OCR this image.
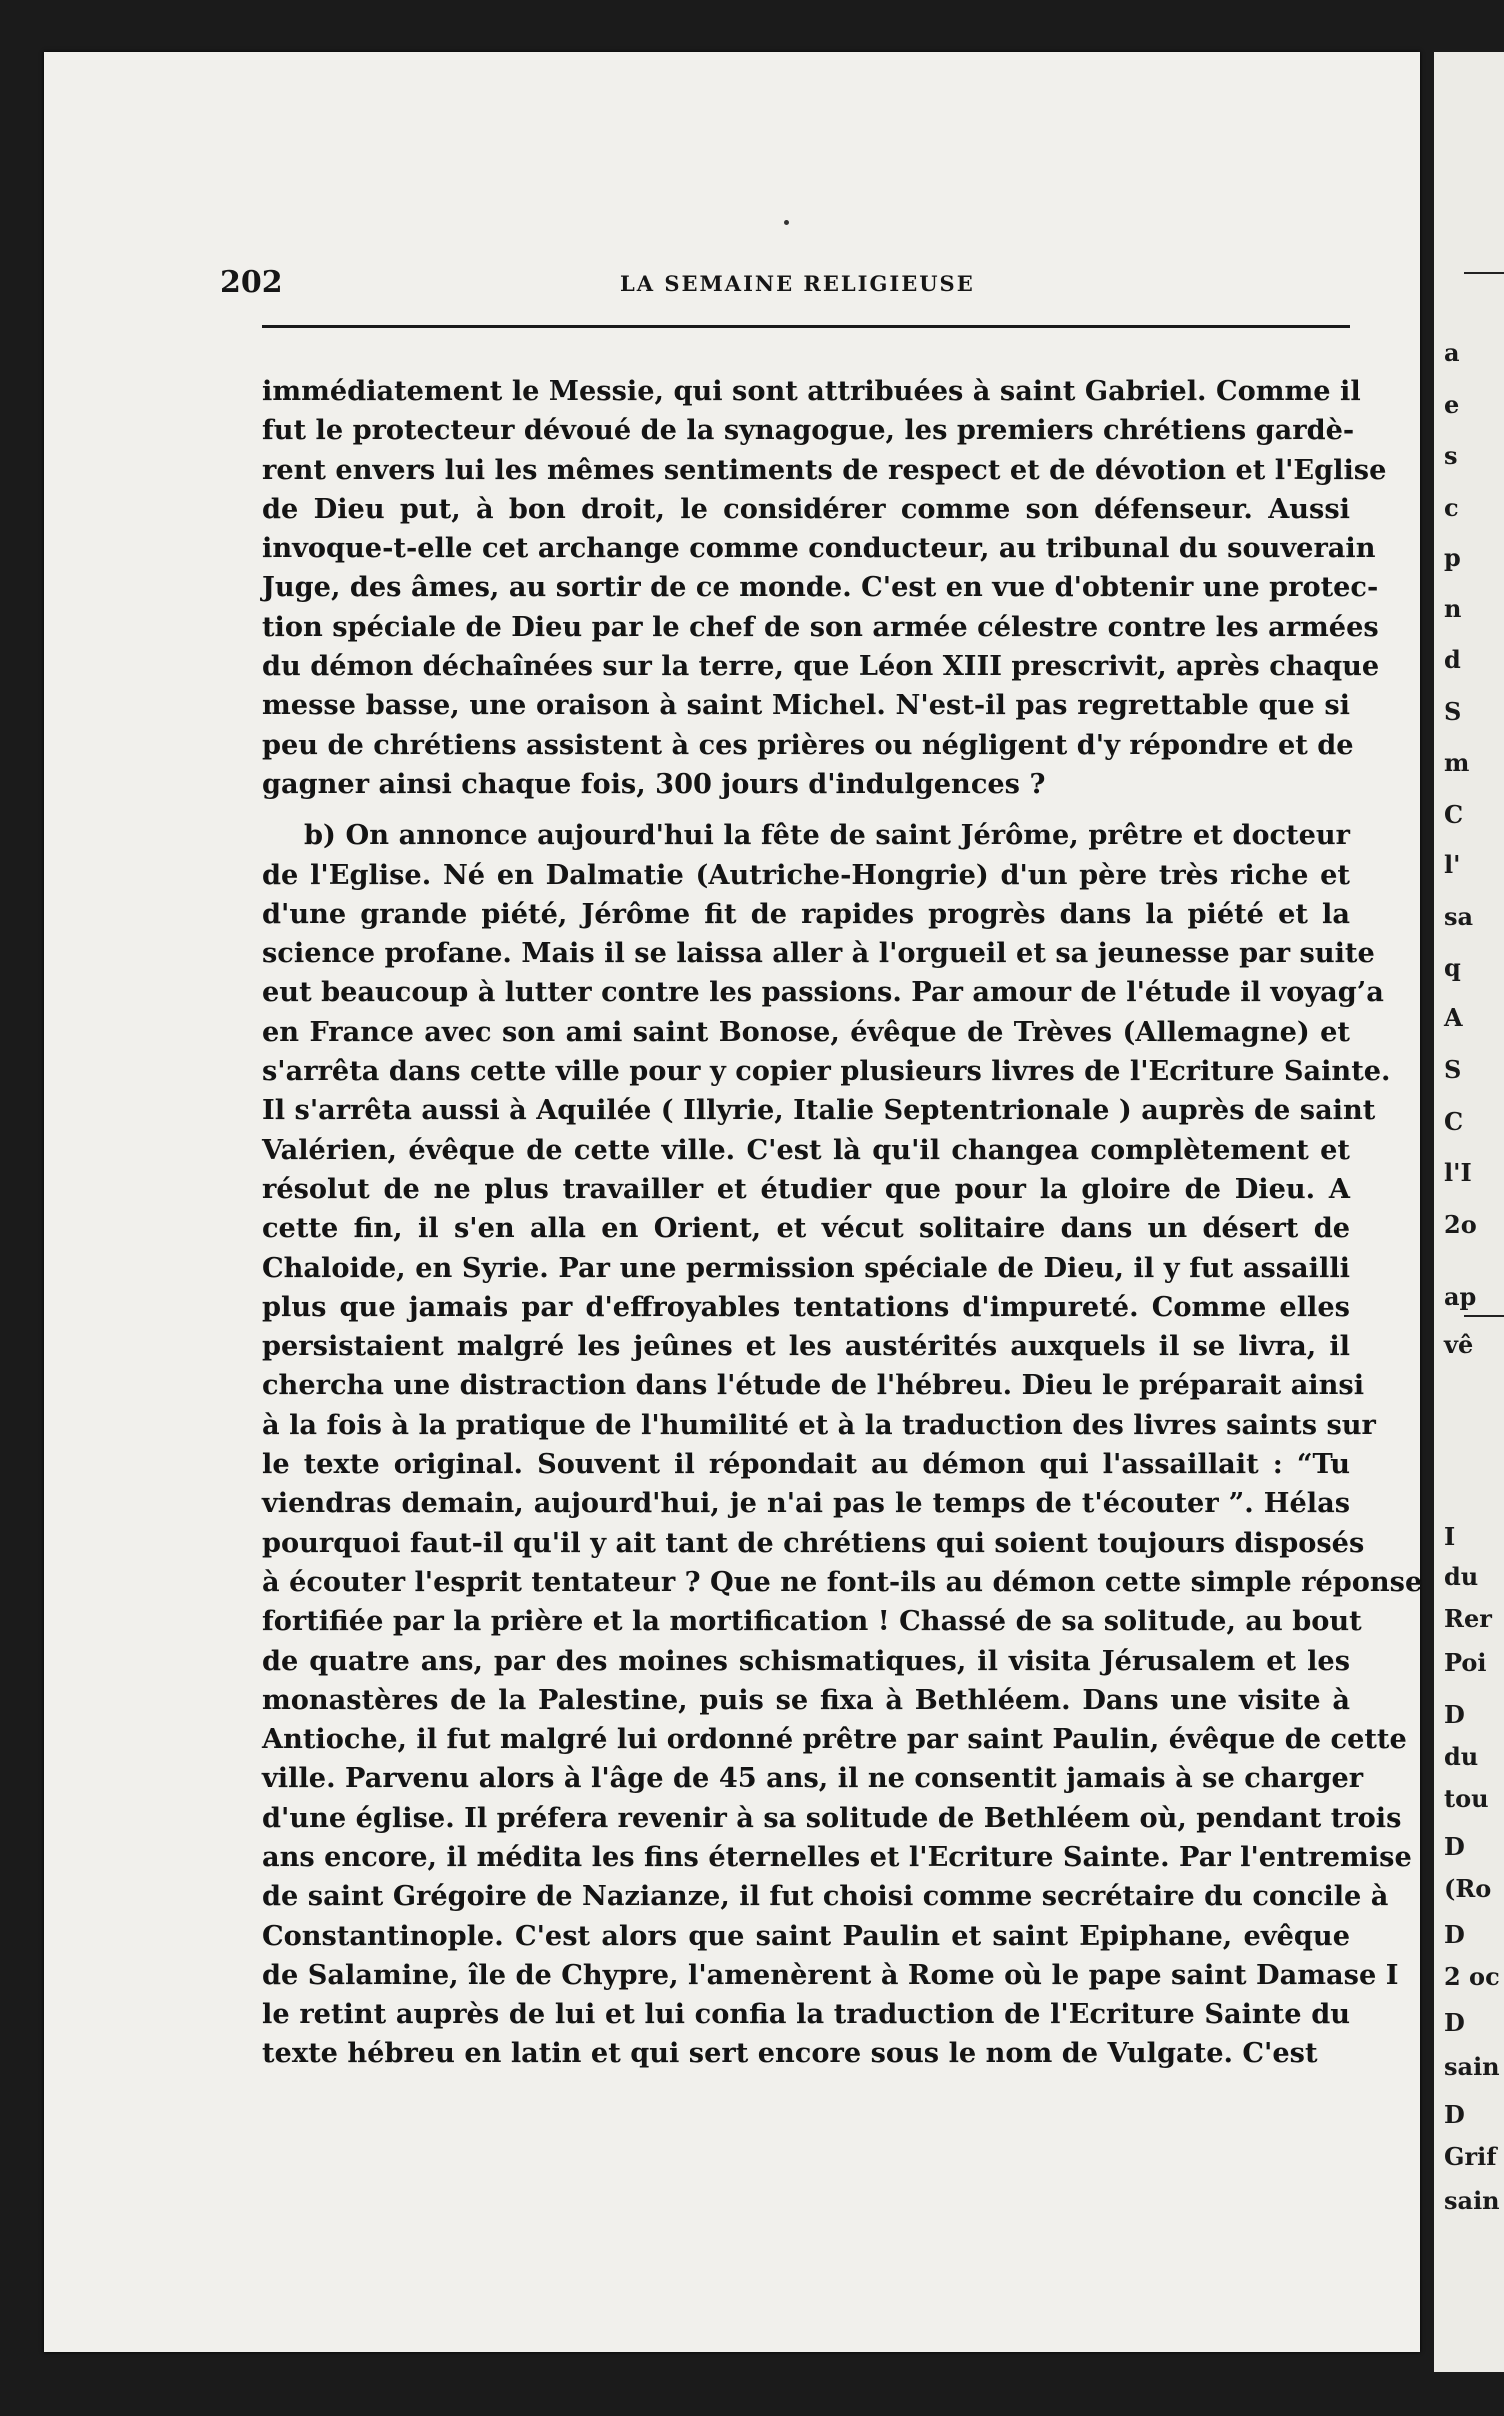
202	LA SEMAINE RELIGIEUSE
immédiatement le Messie, qui sont attribuées à saint Gabriel. Comme il
fut le protecteur dévoué de la synagogue, les premiers chrétiens gardè-
rent envers lui les mêmes sentiments de respect et de dévotion et l'Eglise
de Dieu put, à bon droit, le considérer comme son défenseur. Aussi
invoque-t-elle cet archange comme conducteur, au tribunal du souverain
Juge, des âmes, au sortir de ce monde. C'est en vue d'obtenir une protec-
tion spéciale de Dieu par le chef de son armée célestre contre les armées
du démon déchaînées sur la terre, que Léon XIII prescrivit, après chaque
messe basse, une oraison à saint Michel. N'est-il pas regrettable que si
peu de chrétiens assistent à ces prières ou négligent d'y répondre et de
gagner ainsi chaque fois, 300 jours d'indulgences ?
b) On annonce aujourd'hui la fête de saint Jérôme, prêtre et docteur
de l'Eglise. Né en Dalmatie (Autriche-Hongrie) d'un père très riche et
d'une grande piété, Jérôme fit de rapides progrès dans la piété et la
science profane. Mais il se laissa aller à l'orgueil et sa jeunesse par suite
eut beaucoup à lutter contre les passions. Par amour de l'étude il voyag’a
en France avec son ami saint Bonose, évêque de Trèves (Allemagne) et
s'arrêta dans cette ville pour y copier plusieurs livres de l'Ecriture Sainte.
Il s'arrêta aussi à Aquilée ( Illyrie, Italie Septentrionale ) auprès de saint
Valérien, évêque de cette ville. C'est là qu'il changea complètement et
résolut de ne plus travailler et étudier que pour la gloire de Dieu. A
cette fin, il s'en alla en Orient, et vécut solitaire dans un désert de
Chaloide, en Syrie. Par une permission spéciale de Dieu, il y fut assailli
plus que jamais par d'effroyables tentations d'impureté. Comme elles
persistaient malgré les jeûnes et les austérités auxquels il se livra, il
chercha une distraction dans l'étude de l'hébreu. Dieu le préparait ainsi
à la fois à la pratique de l'humilité et à la traduction des livres saints sur
le texte original. Souvent il répondait au démon qui l'assaillait : “Tu
viendras demain, aujourd'hui, je n'ai pas le temps de t'écouter ”. Hélas
pourquoi faut-il qu'il y ait tant de chrétiens qui soient toujours disposés
à écouter l'esprit tentateur ? Que ne font-ils au démon cette simple réponse
fortifiée par la prière et la mortification ! Chassé de sa solitude, au bout
de quatre ans, par des moines schismatiques, il visita Jérusalem et les
monastères de la Palestine, puis se fixa à Bethléem. Dans une visite à
Antioche, il fut malgré lui ordonné prêtre par saint Paulin, évêque de cette
ville. Parvenu alors à l'âge de 45 ans, il ne consentit jamais à se charger
d'une église. Il préfera revenir à sa solitude de Bethléem où, pendant trois
ans encore, il médita les fins éternelles et l'Ecriture Sainte. Par l'entremise
de saint Grégoire de Nazianze, il fut choisi comme secrétaire du concile à
Constantinople. C'est alors que saint Paulin et saint Epiphane, evêque
de Salamine, île de Chypre, l'amenèrent à Rome où le pape saint Damase I
le retint auprès de lui et lui confia la traduction de l'Ecriture Sainte du
texte hébreu en latin et qui sert encore sous le nom de Vulgate. C'est
a
e
s
c
p
n
d
S
m
C
l'
sa
q
A
S
C
l'I
2o
ap
vê
I
du
Rer
Poi
D
du
tou
D
(Ro
D
2 oc
D
sain
D
Grif
sain
